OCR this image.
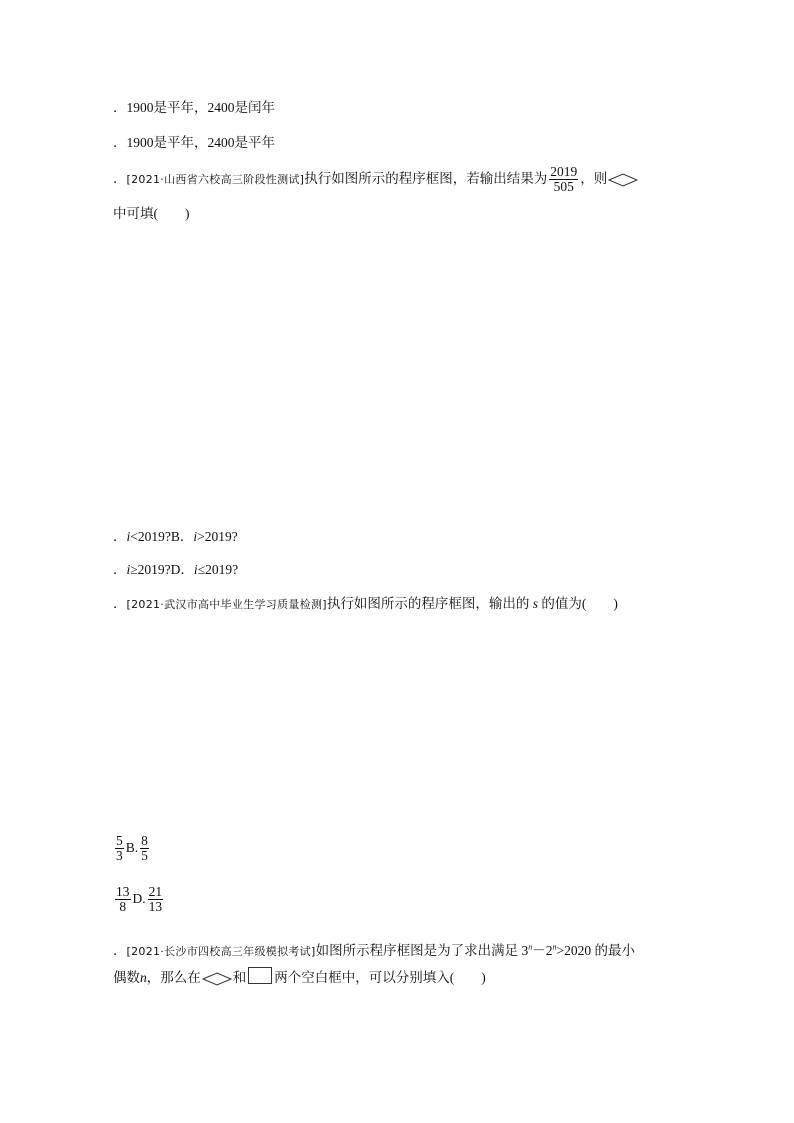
．1900是平年，2400是闰年
．1900是平年，2400是平年
．[2021·山西省六校高三阶段性测试]执行如图所示的程序框图，若输出结果为 $\frac{2019}{505}$ ，则
中可填(　　)
．i<2019?B．i>2019?
．i≥2019?D．i≤2019?
．[2021·武汉市高中毕业生学习质量检测]执行如图所示的程序框图，输出的 s 的值为(　　)
$\frac{5}{3} B$. $\frac{8}{5}$
$\frac{13}{8} D$. $\frac{21}{13}$
．[2021·长沙市四校高三年级模拟考试]如图所示程序框图是为了求出满足 $3^n-2^n>2020$ 的最小
偶数n，那么在 和 两个空白框中，可以分别填入(　　)
